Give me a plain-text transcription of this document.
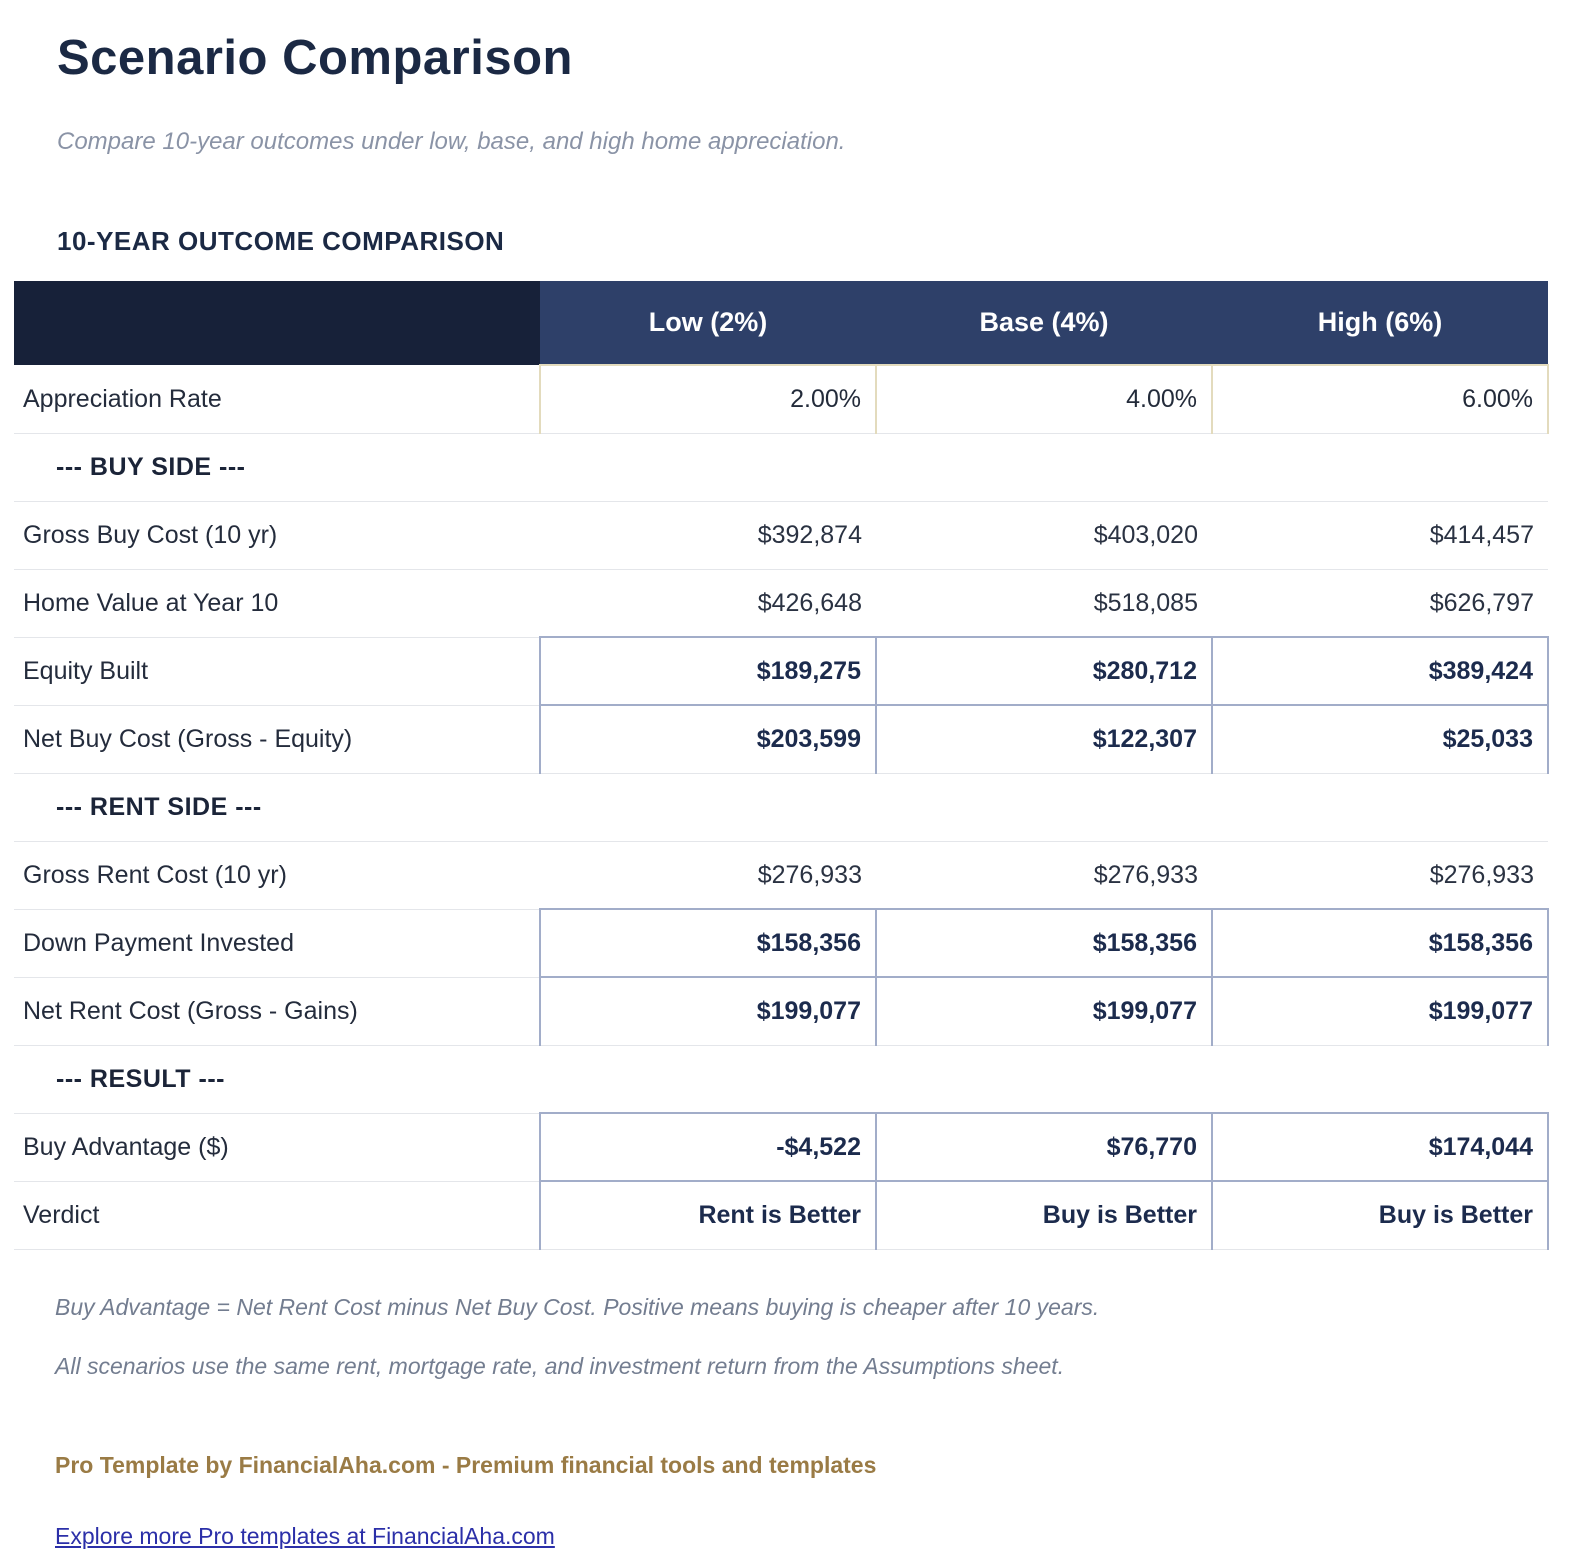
Scenario Comparison
Compare 10-year outcomes under low, base, and high home appreciation.
10-YEAR OUTCOME COMPARISON
	Low (2%)	Base (4%)	High (6%)
Appreciation Rate	2.00%	4.00%	6.00%
--- BUY SIDE ---			
Gross Buy Cost (10 yr)	$392,874	$403,020	$414,457
Home Value at Year 10	$426,648	$518,085	$626,797
Equity Built	$189,275	$280,712	$389,424
Net Buy Cost (Gross - Equity)	$203,599	$122,307	$25,033
--- RENT SIDE ---			
Gross Rent Cost (10 yr)	$276,933	$276,933	$276,933
Down Payment Invested	$158,356	$158,356	$158,356
Net Rent Cost (Gross - Gains)	$199,077	$199,077	$199,077
--- RESULT ---			
Buy Advantage ($)	-$4,522	$76,770	$174,044
Verdict	Rent is Better	Buy is Better	Buy is Better
Buy Advantage = Net Rent Cost minus Net Buy Cost. Positive means buying is cheaper after 10 years.
All scenarios use the same rent, mortgage rate, and investment return from the Assumptions sheet.
Pro Template by FinancialAha.com - Premium financial tools and templates

Explore more Pro templates at FinancialAha.com
